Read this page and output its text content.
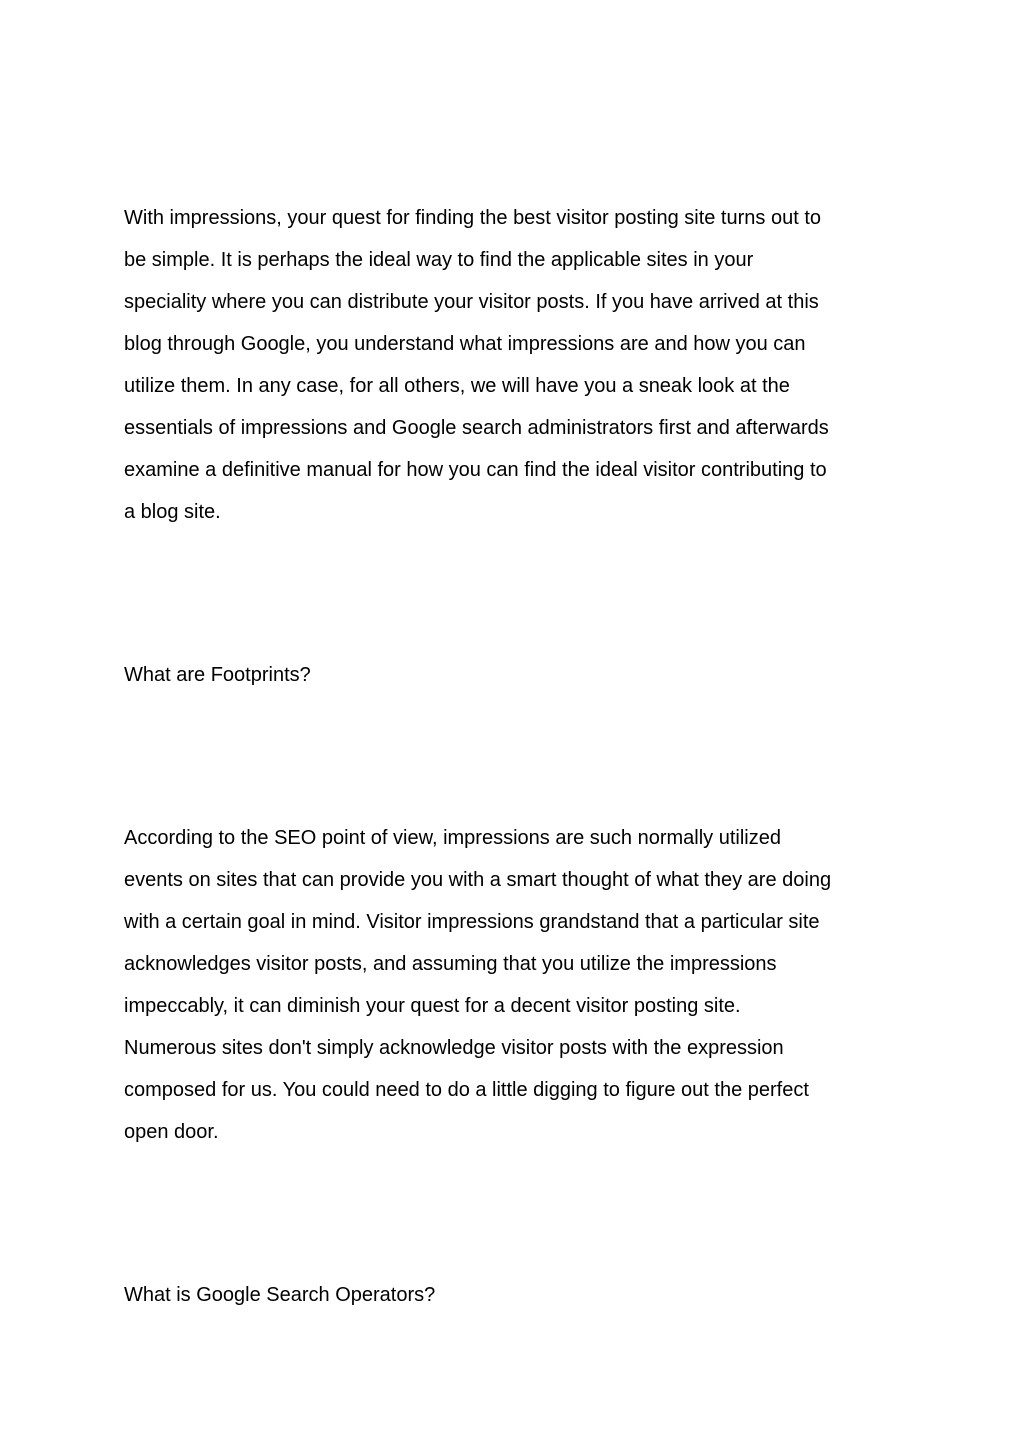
With impressions, your quest for finding the best visitor posting site turns out to

be simple. It is perhaps the ideal way to find the applicable sites in your

speciality where you can distribute your visitor posts. If you have arrived at this

blog through Google, you understand what impressions are and how you can

utilize them. In any case, for all others, we will have you a sneak look at the

essentials of impressions and Google search administrators first and afterwards

examine a definitive manual for how you can find the ideal visitor contributing to

a blog site.

What are Footprints?

According to the SEO point of view, impressions are such normally utilized

events on sites that can provide you with a smart thought of what they are doing

with a certain goal in mind. Visitor impressions grandstand that a particular site

acknowledges visitor posts, and assuming that you utilize the impressions

impeccably, it can diminish your quest for a decent visitor posting site.

Numerous sites don't simply acknowledge visitor posts with the expression

composed for us. You could need to do a little digging to figure out the perfect

open door.

What is Google Search Operators?
